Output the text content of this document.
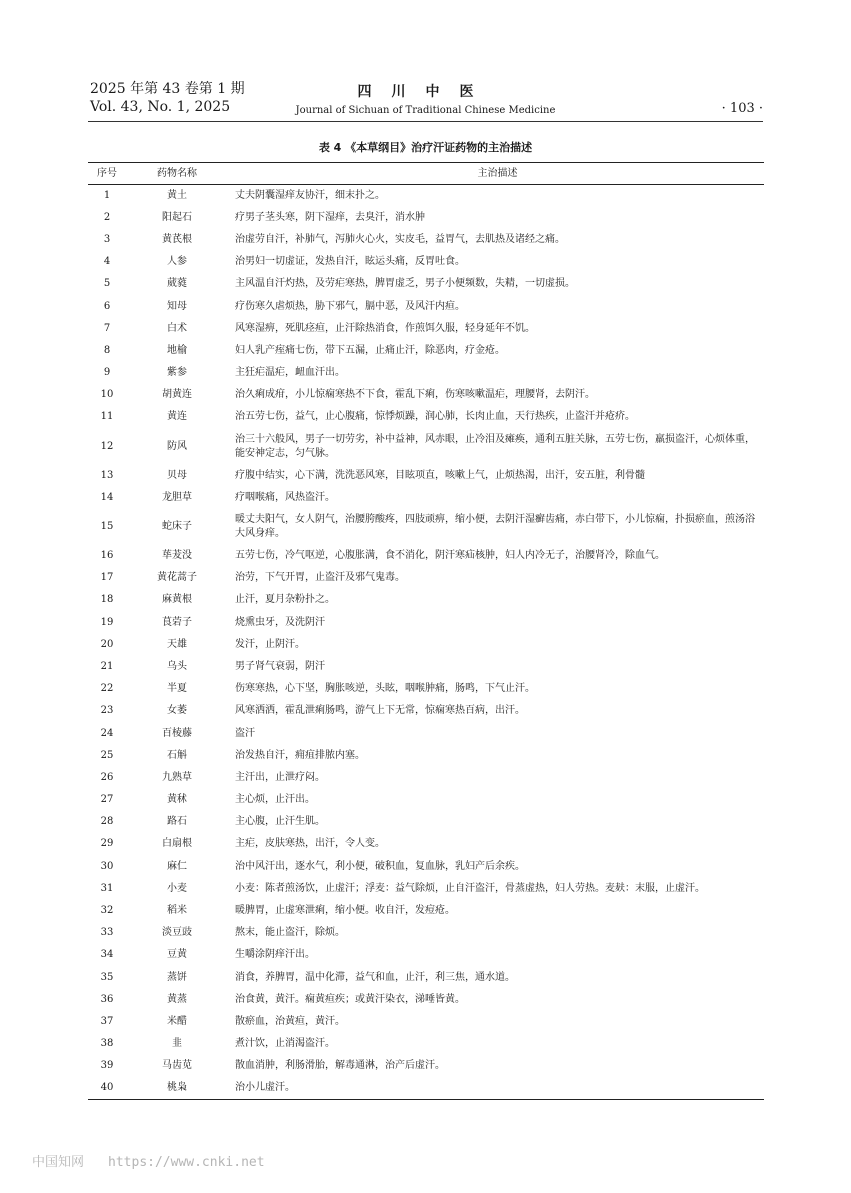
2025 年第 43 卷第 1 期
Vol. 43, No. 1, 2025
四川中医
Journal of Sichuan of Traditional Chinese Medicine	· 103 ·
表 4 《本草纲目》治疗汗证药物的主治描述
序号	药物名称	主治描述
1	黄土	丈夫阴囊湿痒友协汗，细末扑之。
2	阳起石	疗男子茎头寒，阴下湿痒，去臭汗，消水肿
3	黄芪根	治虚劳自汗，补肺气，泻肺火心火，实皮毛，益胃气，去肌热及诸经之痛。
4	人参	治男妇一切虚证，发热自汗，眩运头痛，反胃吐食。
5	葳蕤	主风温自汗灼热，及劳疟寒热，脾胃虚乏，男子小便频数，失精，一切虚损。
6	知母	疗伤寒久虐烦热，胁下邪气，膈中恶，及风汗内疸。
7	白术	风寒湿痹，死肌痉疸，止汗除热消食，作煎饵久服，轻身延年不饥。
8	地榆	妇人乳产痓痛七伤，带下五漏，止痛止汗，除恶肉，疗金疮。
9	紫参	主狂疟温疟，衄血汗出。
10	胡黄连	治久痢成疳，小儿惊痫寒热不下食，霍乱下痢，伤寒咳嗽温疟，理腰肾，去阴汗。
11	黄连	治五劳七伤，益气，止心腹痛，惊悸烦躁，润心肺，长肉止血，天行热疾，止盗汗并疮疥。
12	防风	治三十六般风，男子一切劳劣，补中益神，风赤眼，止冷泪及瘫痪，通利五脏关脉，五劳七伤，羸损盗汗，心烦体重，能安神定志，匀气脉。
13	贝母	疗腹中结实，心下满，洗洗恶风寒，目眩项直，咳嗽上气，止烦热渴，出汗，安五脏，利骨髓
14	龙胆草	疗咽喉痛，风热盗汗。
15	蛇床子	暖丈夫阳气，女人阴气，治腰胯酸疼，四肢顽痹，缩小便，去阴汗湿癣齿痛，赤白带下，小儿惊痫，扑损瘀血，煎汤浴大风身痒。
16	荜茇没	五劳七伤，冷气呕逆，心腹胀满，食不消化，阴汗寒疝核肿，妇人内冷无子，治腰肾冷，除血气。
17	黄花蒿子	治劳，下气开胃，止盗汗及邪气鬼毒。
18	麻黄根	止汗，夏月杂粉扑之。
19	茛菪子	烧熏虫牙，及洗阴汗
20	天雄	发汗，止阴汗。
21	乌头	男子肾气衰弱，阴汗
22	半夏	伤寒寒热，心下坚，胸胀咳逆，头眩，咽喉肿痛，肠鸣，下气止汗。
23	女萎	风寒洒洒，霍乱泄痢肠鸣，游气上下无常，惊痫寒热百病，出汗。
24	百棱藤	盗汗
25	石斛	治发热自汗，痈疽排脓内塞。
26	九熟草	主汗出，止泄疗闷。
27	黄秫	主心烦，止汗出。
28	路石	主心腹，止汗生肌。
29	白扇根	主疟，皮肤寒热，出汗，令人变。
30	麻仁	治中风汗出，逐水气，利小便，破积血，复血脉，乳妇产后余疾。
31	小麦	小麦：陈者煎汤饮，止虚汗；浮麦：益气除烦，止自汗盗汗，骨蒸虚热，妇人劳热。麦麸：末服，止虚汗。
32	稻米	暖脾胃，止虚寒泄痢，缩小便。收自汗，发痘疮。
33	淡豆豉	熬末，能止盗汗，除烦。
34	豆黄	生嚼涂阴痒汗出。
35	蒸饼	消食，养脾胃，温中化滞，益气和血，止汗，利三焦，通水道。
36	黄蒸	治食黄，黄汗。痫黄疸疾；或黄汗染衣，涕唾皆黄。
37	米醋	散瘀血，治黄疸，黄汗。
38	韭	煮汁饮，止消渴盗汗。
39	马齿苋	散血消肿，利肠滑胎，解毒通淋，治产后虚汗。
40	桃枭	治小儿虚汗。
中国知网 https://www.cnki.net
